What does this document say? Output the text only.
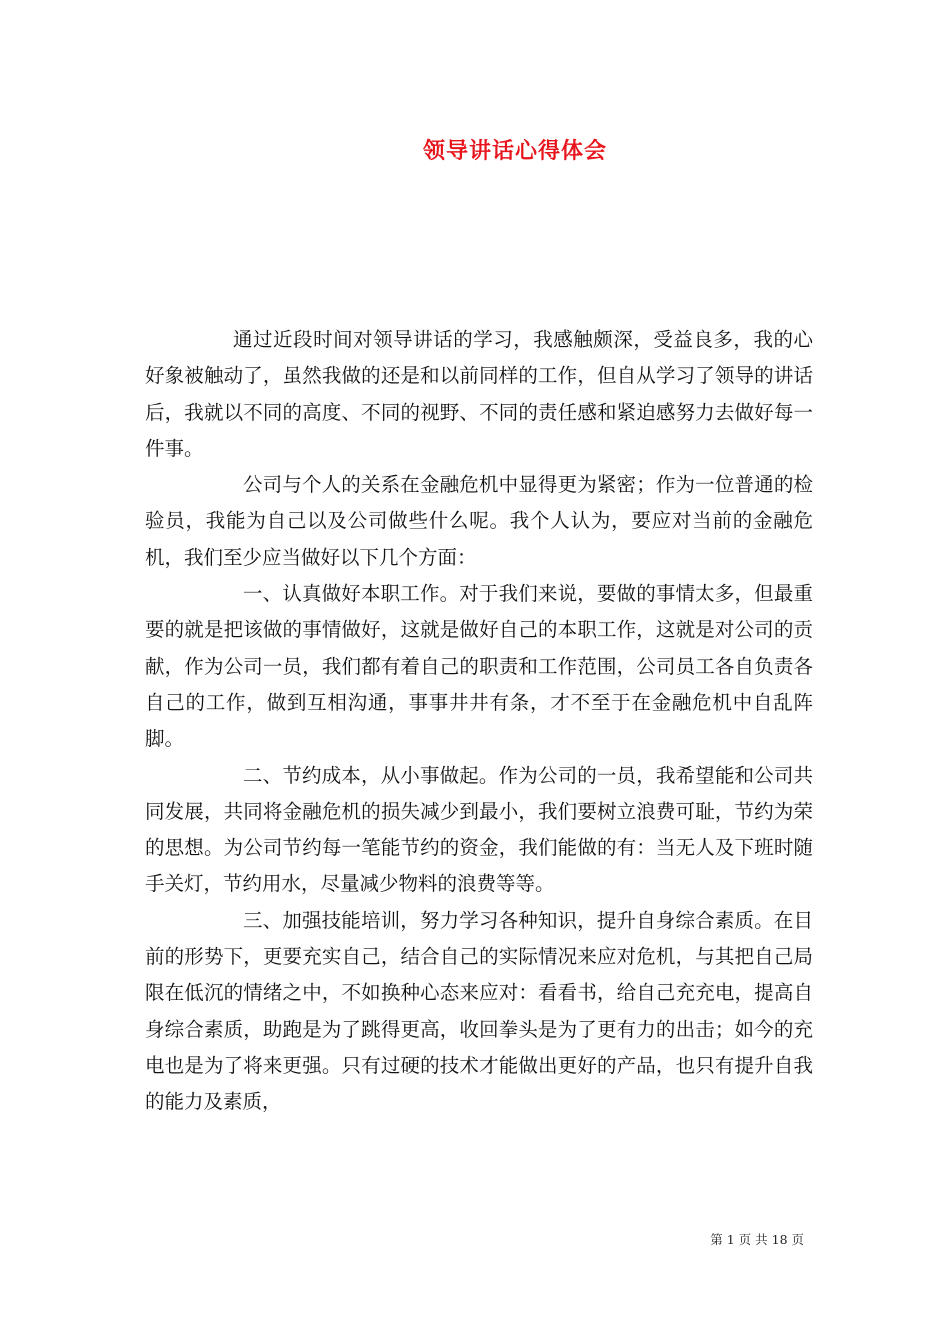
领导讲话心得体会

通过近段时间对领导讲话的学习，我感触颇深，受益良多，我的心好象被触动了，虽然我做的还是和以前同样的工作，但自从学习了领导的讲话后，我就以不同的高度、不同的视野、不同的责任感和紧迫感努力去做好每一件事。

公司与个人的关系在金融危机中显得更为紧密；作为一位普通的检验员，我能为自己以及公司做些什么呢。我个人认为，要应对当前的金融危机，我们至少应当做好以下几个方面：

一、认真做好本职工作。对于我们来说，要做的事情太多，但最重要的就是把该做的事情做好，这就是做好自己的本职工作，这就是对公司的贡献，作为公司一员，我们都有着自己的职责和工作范围，公司员工各自负责各自己的工作，做到互相沟通，事事井井有条，才不至于在金融危机中自乱阵脚。

二、节约成本，从小事做起。作为公司的一员，我希望能和公司共同发展，共同将金融危机的损失减少到最小，我们要树立浪费可耻，节约为荣的思想。为公司节约每一笔能节约的资金，我们能做的有：当无人及下班时随手关灯，节约用水，尽量减少物料的浪费等等。

三、加强技能培训，努力学习各种知识，提升自身综合素质。在目前的形势下，更要充实自己，结合自己的实际情况来应对危机，与其把自己局限在低沉的情绪之中，不如换种心态来应对：看看书，给自己充充电，提高自身综合素质，助跑是为了跳得更高，收回拳头是为了更有力的出击；如今的充电也是为了将来更强。只有过硬的技术才能做出更好的产品，也只有提升自我的能力及素质，

第 1 页 共 18 页
